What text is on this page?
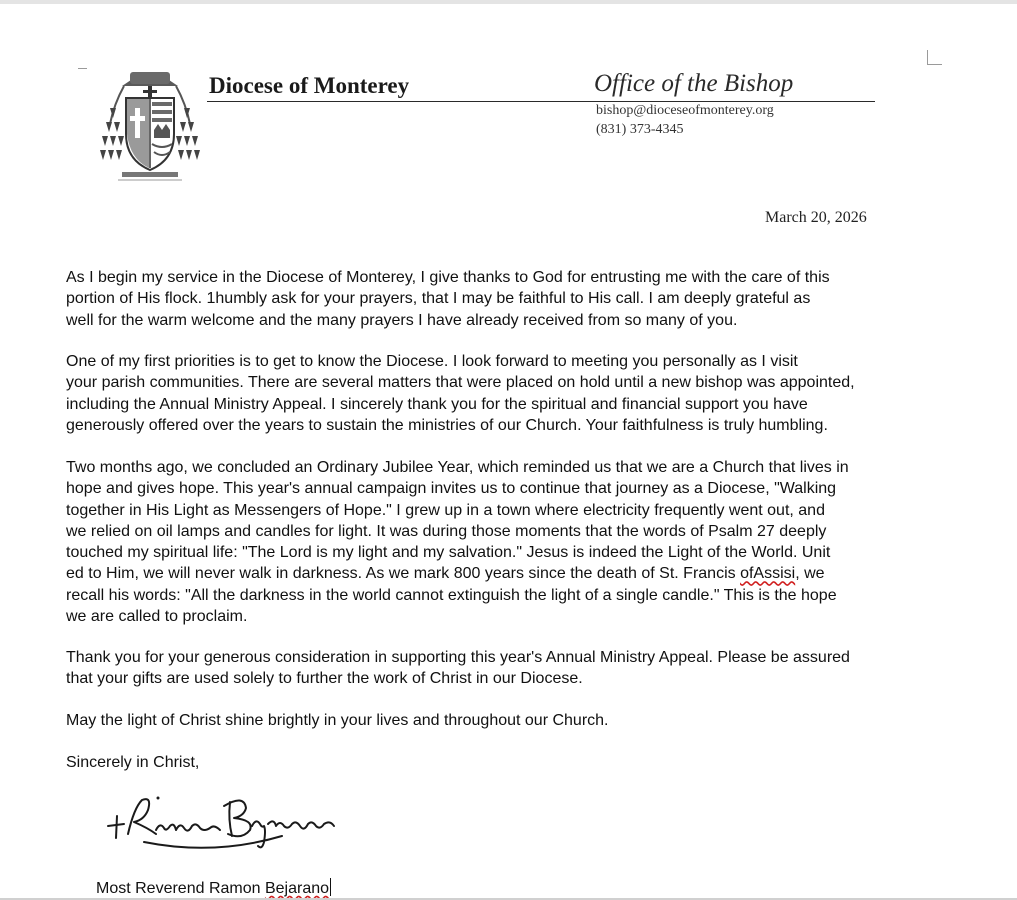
Diocese of Monterey	Office of the Bishop
bishop@dioceseofmonterey.org
(831) 373-4345
March 20, 2026

As I begin my service in the Diocese of Monterey, I give thanks to God for entrusting me with the care of this
portion of His flock. 1humbly ask for your prayers, that I may be faithful to His call. I am deeply grateful as
well for the warm welcome and the many prayers I have already received from so many of you.

One of my first priorities is to get to know the Diocese. I look forward to meeting you personally as I visit
your parish communities. There are several matters that were placed on hold until a new bishop was appointed,
including the Annual Ministry Appeal. I sincerely thank you for the spiritual and financial support you have
generously offered over the years to sustain the ministries of our Church. Your faithfulness is truly humbling.

Two months ago, we concluded an Ordinary Jubilee Year, which reminded us that we are a Church that lives in
hope and gives hope. This year's annual campaign invites us to continue that journey as a Diocese, "Walking
together in His Light as Messengers of Hope." I grew up in a town where electricity frequently went out, and
we relied on oil lamps and candles for light. It was during those moments that the words of Psalm 27 deeply
touched my spiritual life: "The Lord is my light and my salvation." Jesus is indeed the Light of the World. Unit
ed to Him, we will never walk in darkness. As we mark 800 years since the death of St. Francis ofAssisi, we
recall his words: "All the darkness in the world cannot extinguish the light of a single candle." This is the hope
we are called to proclaim.

Thank you for your generous consideration in supporting this year's Annual Ministry Appeal. Please be assured
that your gifts are used solely to further the work of Christ in our Diocese.

May the light of Christ shine brightly in your lives and throughout our Church.

Sincerely in Christ,

Most Reverend Ramon Bejarano
